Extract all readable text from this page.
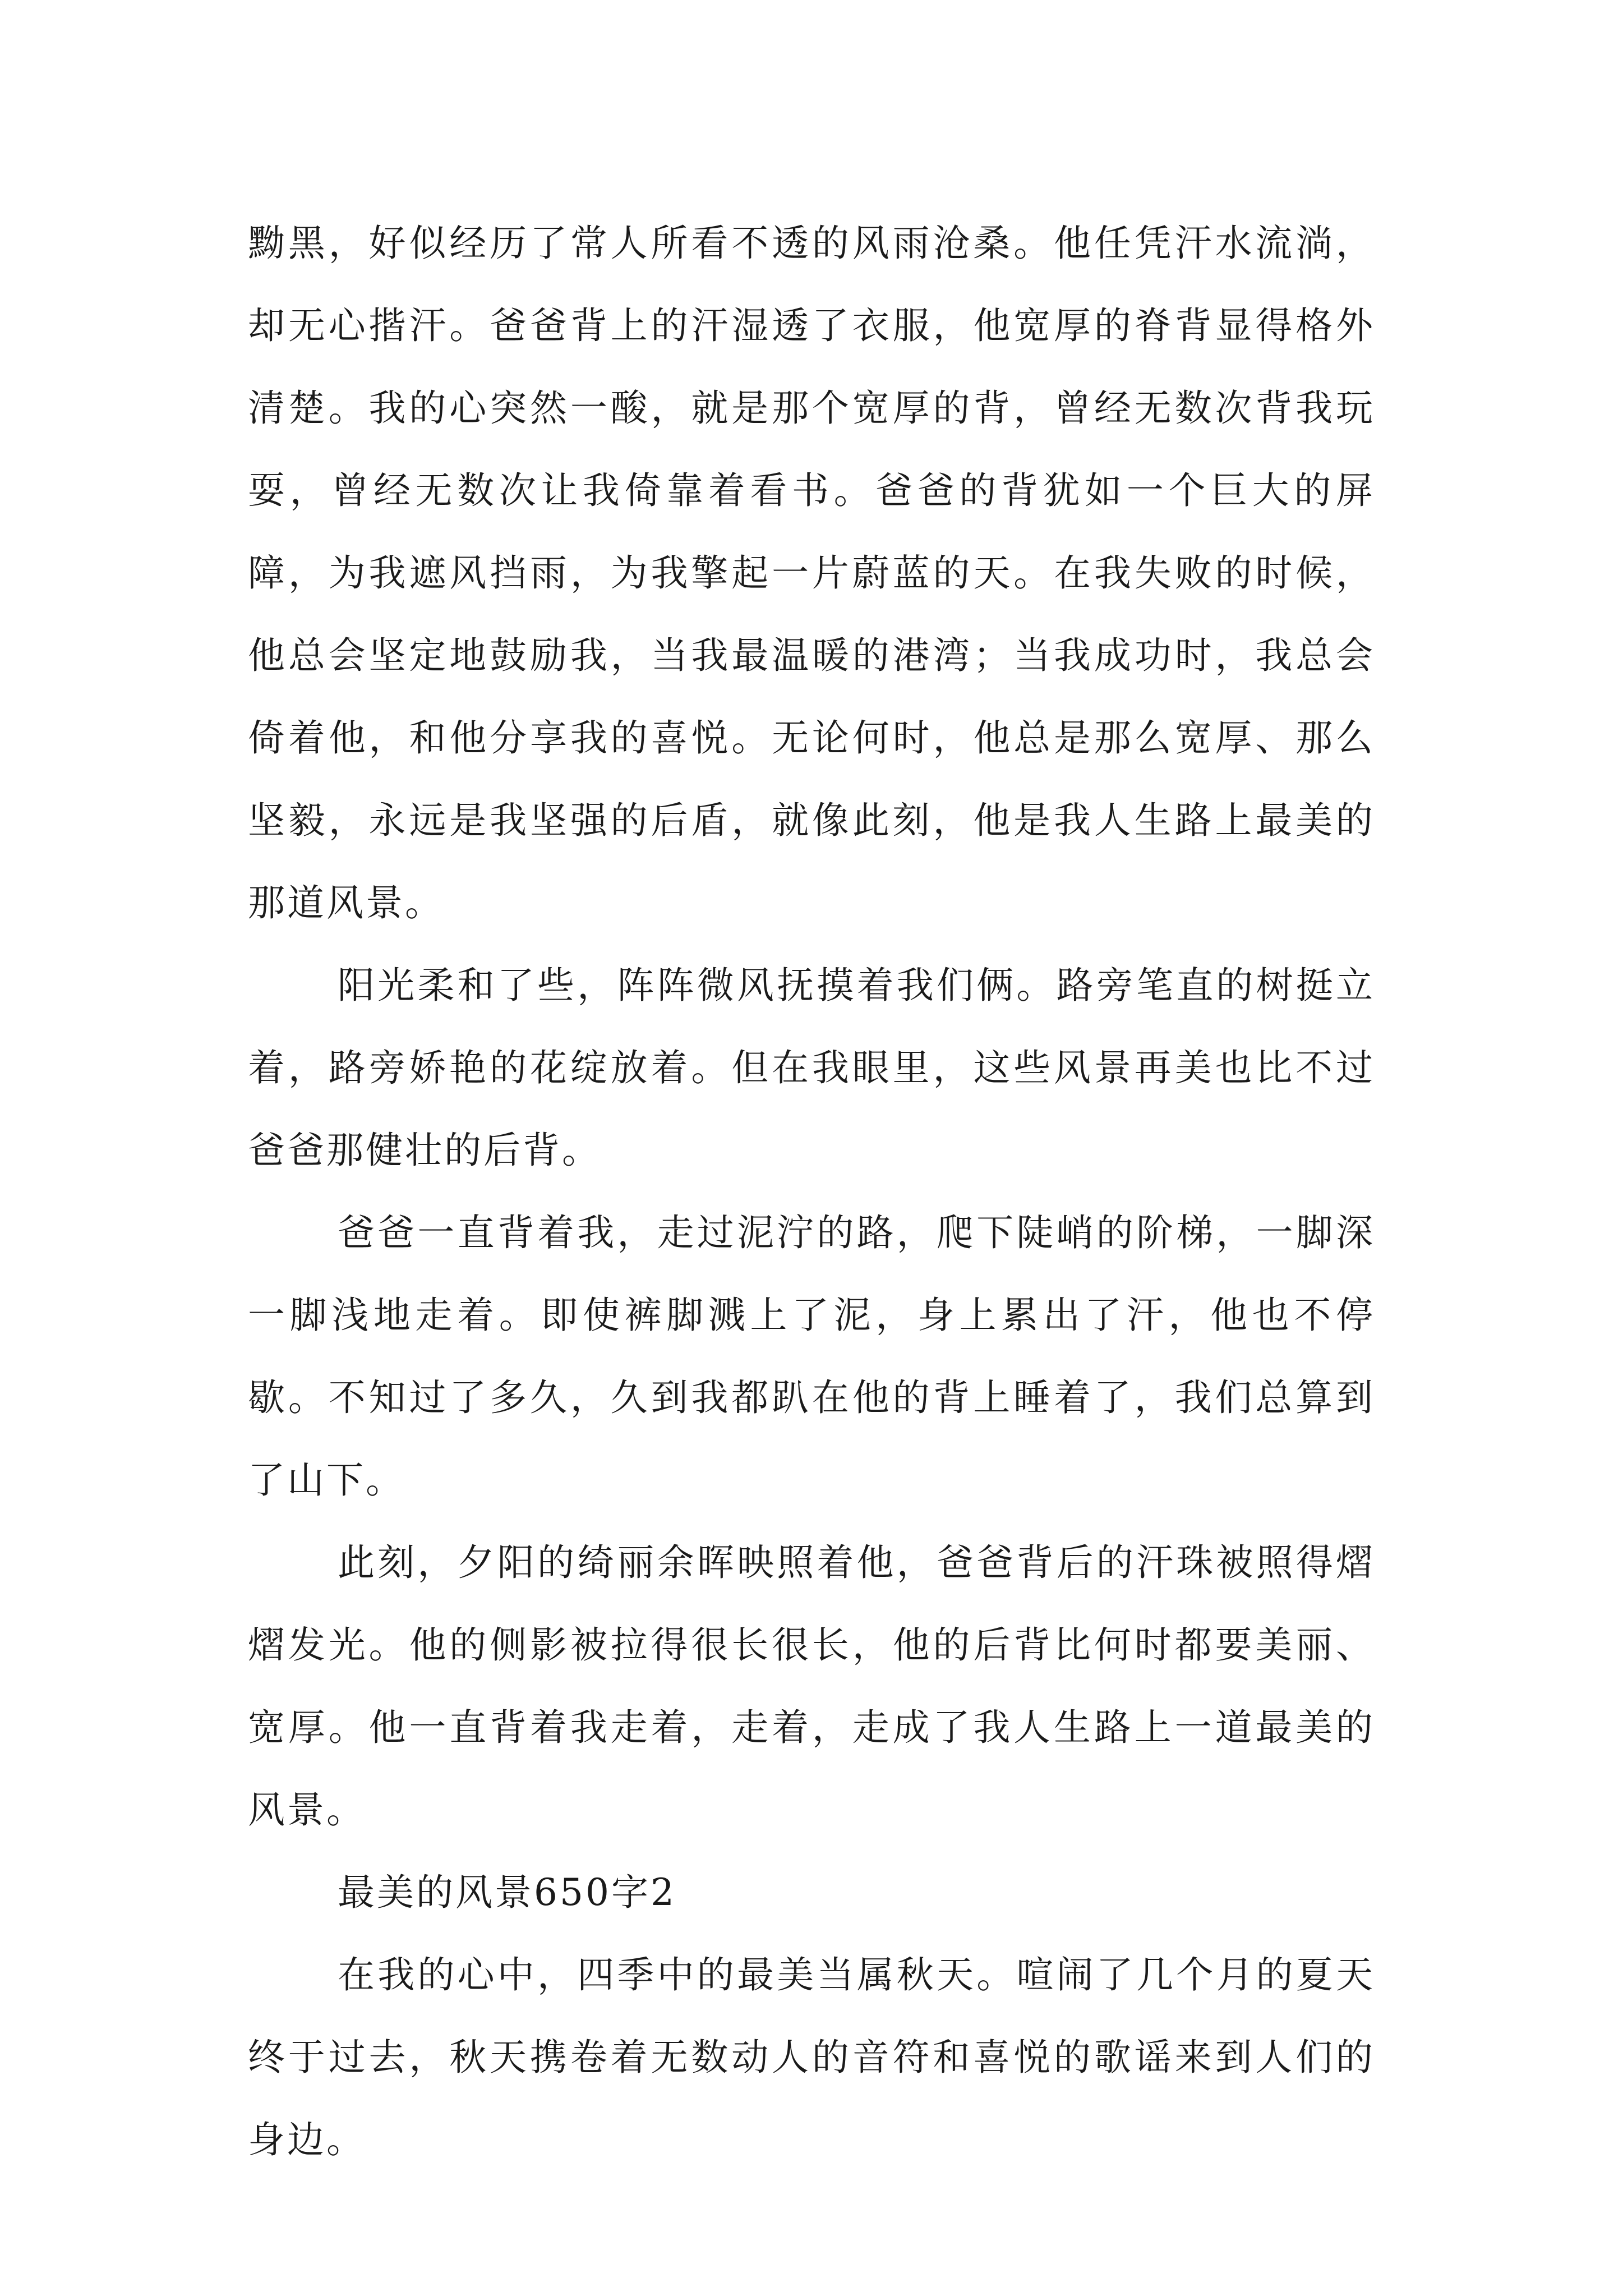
黝黑，好似经历了常人所看不透的风雨沧桑。他任凭汗水流淌，却无心揩汗。爸爸背上的汗湿透了衣服，他宽厚的脊背显得格外清楚。我的心突然一酸，就是那个宽厚的背，曾经无数次背我玩耍，曾经无数次让我倚靠着看书。爸爸的背犹如一个巨大的屏障，为我遮风挡雨，为我擎起一片蔚蓝的天。在我失败的时候，他总会坚定地鼓励我，当我最温暖的港湾；当我成功时，我总会倚着他，和他分享我的喜悦。无论何时，他总是那么宽厚、那么坚毅，永远是我坚强的后盾，就像此刻，他是我人生路上最美的那道风景。

阳光柔和了些，阵阵微风抚摸着我们俩。路旁笔直的树挺立着，路旁娇艳的花绽放着。但在我眼里，这些风景再美也比不过爸爸那健壮的后背。

爸爸一直背着我，走过泥泞的路，爬下陡峭的阶梯，一脚深一脚浅地走着。即使裤脚溅上了泥，身上累出了汗，他也不停歇。不知过了多久，久到我都趴在他的背上睡着了，我们总算到了山下。

此刻，夕阳的绮丽余晖映照着他，爸爸背后的汗珠被照得熠熠发光。他的侧影被拉得很长很长，他的后背比何时都要美丽、宽厚。他一直背着我走着，走着，走成了我人生路上一道最美的风景。

最美的风景650字2

在我的心中，四季中的最美当属秋天。喧闹了几个月的夏天终于过去，秋天携卷着无数动人的音符和喜悦的歌谣来到人们的身边。
